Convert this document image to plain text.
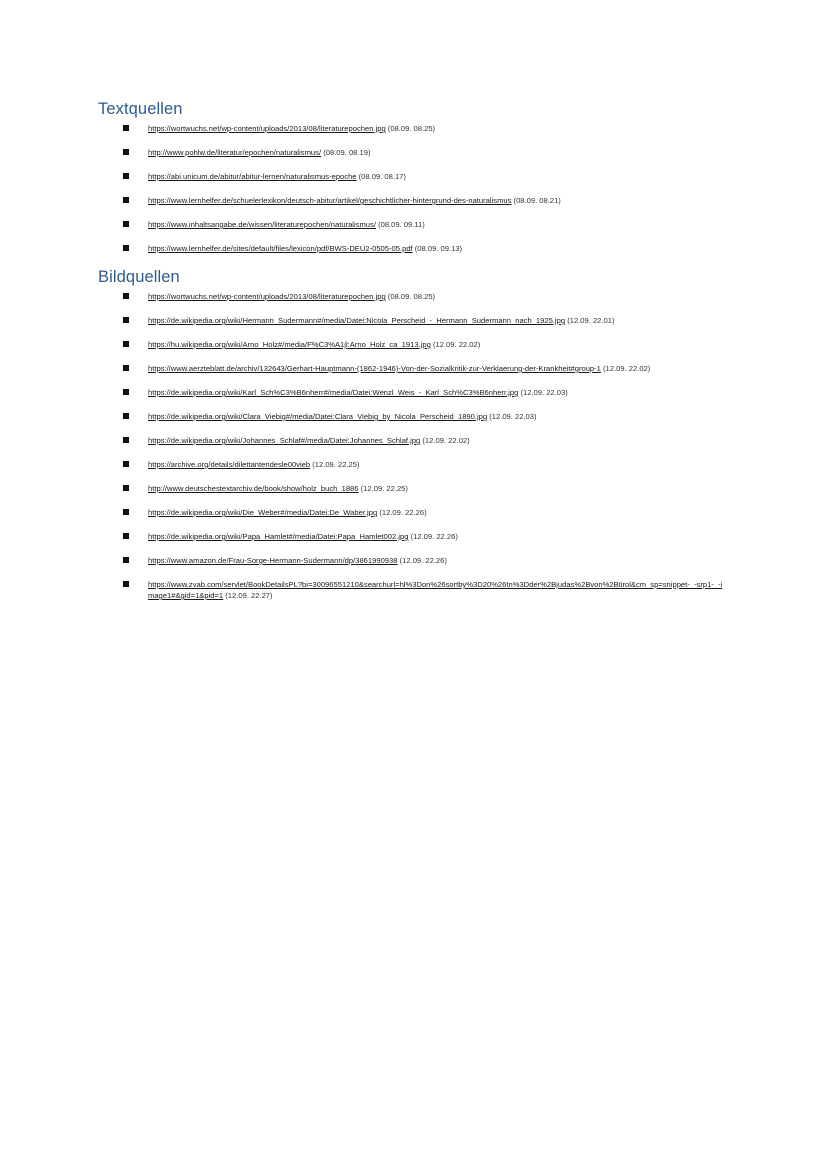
Textquellen
https://wortwuchs.net/wp-content/uploads/2013/08/literaturepochen.jpg (08.09. 08.25)
http://www.pohlw.de/literatur/epochen/naturalismus/ (08.09. 08.19)
https://abi.unicum.de/abitur/abitur-lernen/naturalismus-epoche (08.09. 08.17)
https://www.lernhelfer.de/schuelerlexikon/deutsch-abitur/artikel/geschichtlicher-hintergrund-des-naturalismus (08.09. 08.21)
https://www.inhaltsangabe.de/wissen/literaturepochen/naturalismus/ (08.09. 09.11)
https://www.lernhelfer.de/sites/default/files/lexicon/pdf/BWS-DEU2-0505-05.pdf (08.09. 09.13)
Bildquellen
https://wortwuchs.net/wp-content/uploads/2013/08/literaturepochen.jpg (08.09. 08.25)
https://de.wikipedia.org/wiki/Hermann_Sudermann#/media/Datei:Nicola_Perscheid_-_Hermann_Sudermann_nach_1925.jpg (12.09. 22.01)
https://hu.wikipedia.org/wiki/Arno_Holz#/media/F%C3%A1jl:Arno_Holz_ca_1913.jpg (12.09. 22.02)
https://www.aerzteblatt.de/archiv/132643/Gerhart-Hauptmann-(1862-1946)-Von-der-Sozialkritik-zur-Verklaerung-der-Krankheit#group-1 (12.09. 22.02)
https://de.wikipedia.org/wiki/Karl_Sch%C3%B6nherr#/media/Datei:Wenzl_Weis_-_Karl_Sch%C3%B6nherr.jpg (12.09. 22.03)
https://de.wikipedia.org/wiki/Clara_Viebig#/media/Datei:Clara_Viebig_by_Nicola_Perscheid_1890.jpg (12.09. 22.03)
https://de.wikipedia.org/wiki/Johannes_Schlaf#/media/Datei:Johannes_Schlaf.jpg (12.09. 22.02)
https://archive.org/details/dilettantendesle00vieb (12.09. 22.25)
http://www.deutschestextarchiv.de/book/show/holz_buch_1886 (12.09. 22.25)
https://de.wikipedia.org/wiki/Die_Weber#/media/Datei:De_Waber.jpg (12.09. 22.26)
https://de.wikipedia.org/wiki/Papa_Hamlet#/media/Datei:Papa_Hamlet002.jpg (12.09. 22.26)
https://www.amazon.de/Frau-Sorge-Hermann-Sudermann/dp/3861990938 (12.09. 22.26)
https://www.zvab.com/servlet/BookDetailsPL?bi=30096551210&searchurl=hl%3Don%26sortby%3D20%26tn%3Dder%2Bjudas%2Bvon%2Btirol&cm_sp=snippet-_-srp1-_-image1#&gid=1&pid=1 (12.09. 22.27)
